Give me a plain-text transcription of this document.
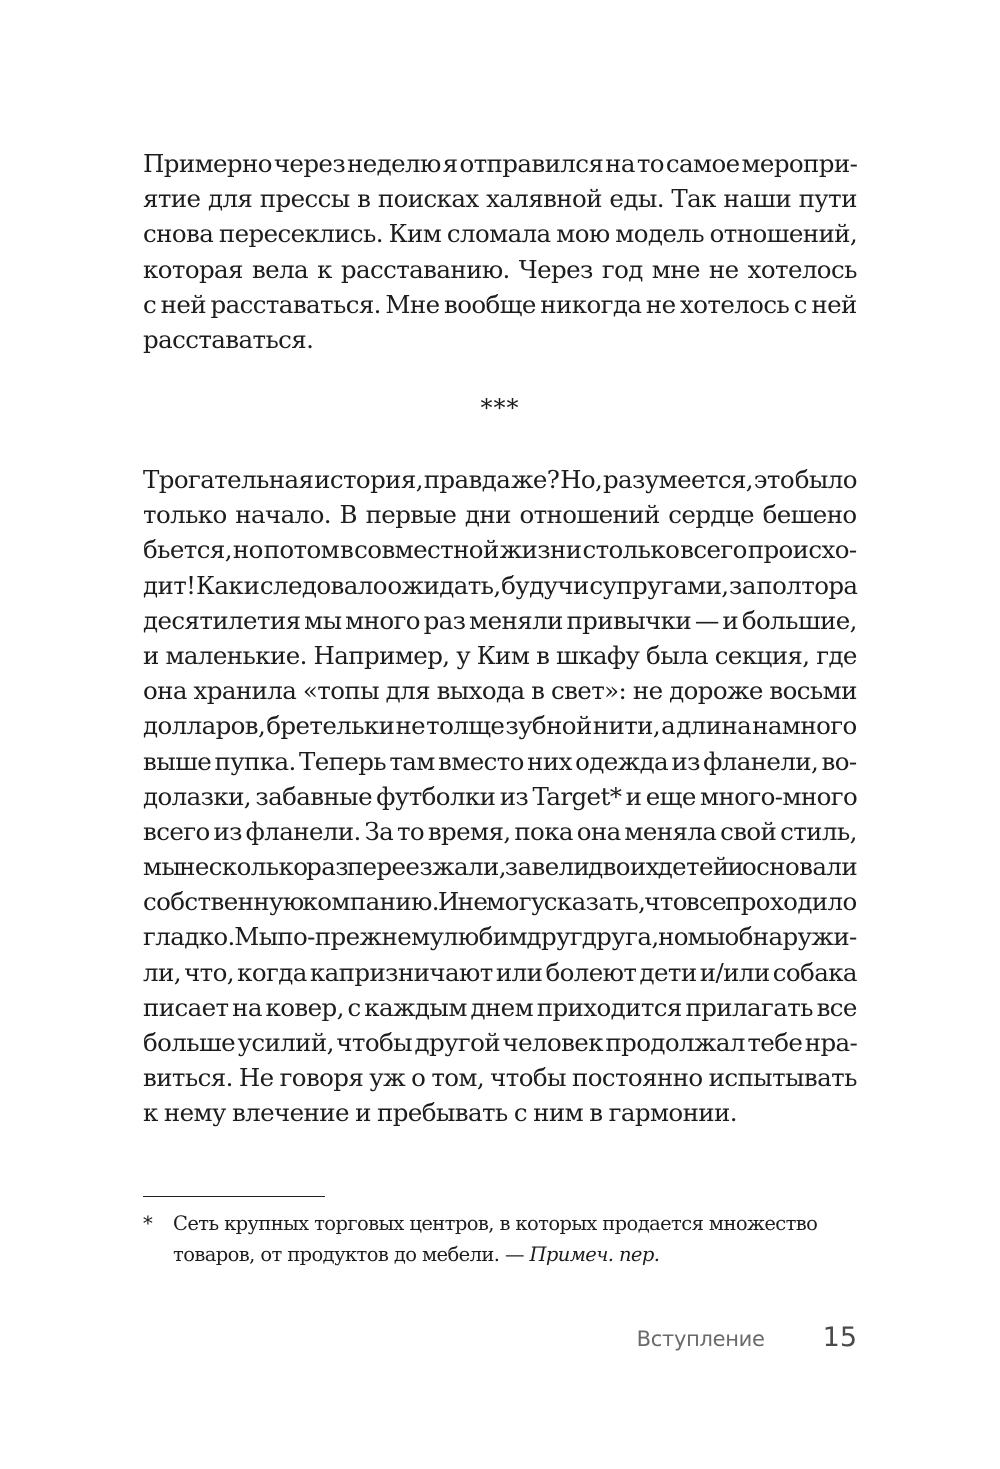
Примерно через неделю я отправился на то самое меропри-
ятие для прессы в поисках халявной еды. Так наши пути
снова пересеклись. Ким сломала мою модель отношений,
которая вела к расставанию. Через год мне не хотелось
с ней расставаться. Мне вообще никогда не хотелось с ней
расставаться.
***
Трогательная история, правда же? Но, разумеется, это было
только начало. В первые дни отношений сердце бешено
бьется, но потом в совместной жизни столько всего происхо-
дит! Как и следовало ожидать, будучи супругами, за полтора
десятилетия мы много раз меняли привычки — и большие,
и маленькие. Например, у Ким в шкафу была секция, где
она хранила «топы для выхода в свет»: не дороже восьми
долларов, бретельки не толще зубной нити, а длина намного
выше пупка. Теперь там вместо них одежда из фланели, во-
долазки, забавные футболки из Target* и еще много-много
всего из фланели. За то время, пока она меняла свой стиль,
мы несколько раз переезжали, завели двоих детей и основали
собственную компанию. И не могу сказать, что все проходило
гладко. Мы по-прежнему любим друг друга, но мы обнаружи-
ли, что, когда капризничают или болеют дети и/или собака
писает на ковер, с каждым днем приходится прилагать все
больше усилий, чтобы другой человек продолжал тебе нра-
виться. Не говоря уж о том, чтобы постоянно испытывать
к нему влечение и пребывать с ним в гармонии.
* Сеть крупных торговых центров, в которых продается множество
товаров, от продуктов до мебели. — Примеч. пер.
Вступление 15
